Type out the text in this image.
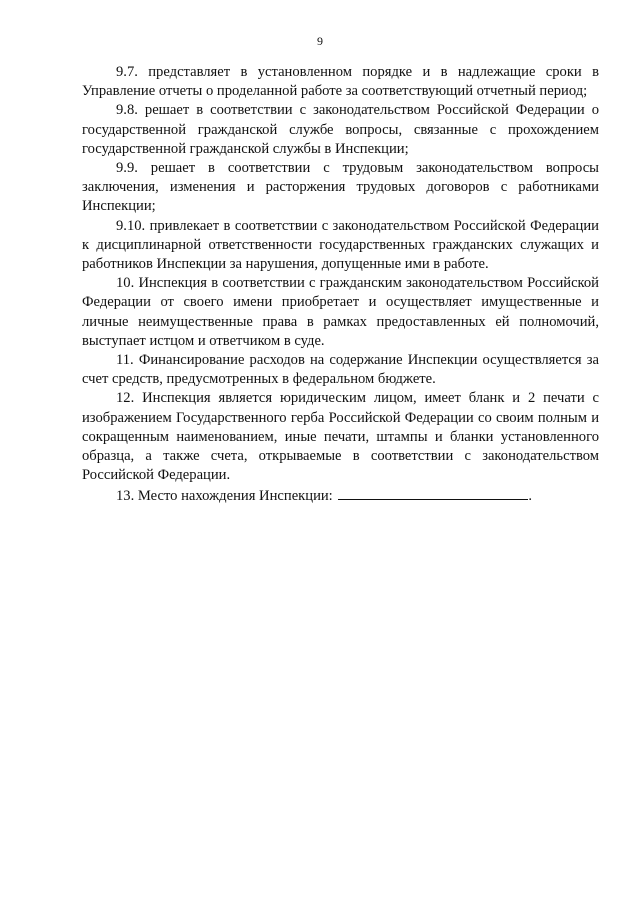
9

9.7. представляет в установленном порядке и в надлежащие сроки в Управление отчеты о проделанной работе за соответствующий отчетный период;

9.8. решает в соответствии с законодательством Российской Федерации о государственной гражданской службе вопросы, связанные с прохождением государственной гражданской службы в Инспекции;

9.9. решает в соответствии с трудовым законодательством вопросы заключения, изменения и расторжения трудовых договоров с работниками Инспекции;

9.10. привлекает в соответствии с законодательством Российской Федерации к дисциплинарной ответственности государственных гражданских служащих и работников Инспекции за нарушения, допущенные ими в работе.

10. Инспекция в соответствии с гражданским законодательством Российской Федерации от своего имени приобретает и осуществляет имущественные и личные неимущественные права в рамках предоставленных ей полномочий, выступает истцом и ответчиком в суде.

11. Финансирование расходов на содержание Инспекции осуществляется за счет средств, предусмотренных в федеральном бюджете.

12. Инспекция является юридическим лицом, имеет бланк и 2 печати с изображением Государственного герба Российской Федерации со своим полным и сокращенным наименованием, иные печати, штампы и бланки установленного образца, а также счета, открываемые в соответствии с законодательством Российской Федерации.

13. Место нахождения Инспекции:	.
